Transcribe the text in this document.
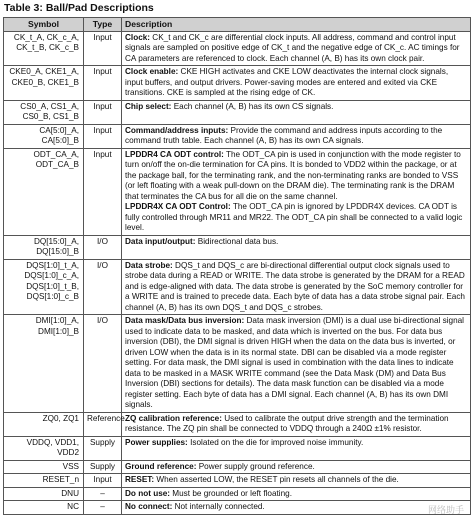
Table 3: Ball/Pad Descriptions
Symbol	Type	Description
CK_t_A, CK_c_A, CK_t_B, CK_c_B	Input	Clock: CK_t and CK_c are differential clock inputs. All address, command and control input signals are sampled on positive edge of CK_t and the negative edge of CK_c. AC timings for CA parameters are referenced to clock. Each channel (A, B) has its own clock pair.

CKE0_A, CKE1_A, CKE0_B, CKE1_B	Input	Clock enable: CKE HIGH activates and CKE LOW deactivates the internal clock signals, input buffers, and output drivers. Power-saving modes are entered and exited via CKE transitions. CKE is sampled at the rising edge of CK.

CS0_A, CS1_A, CS0_B, CS1_B	Input	Chip select: Each channel (A, B) has its own CS signals.

CA[5:0]_A, CA[5:0]_B	Input	Command/address inputs: Provide the command and address inputs according to the command truth table. Each channel (A, B) has its own CA signals.

ODT_CA_A, ODT_CA_B	Input	LPDDR4 CA ODT control: The ODT_CA pin is used in conjunction with the mode register to turn on/off the on-die termination for CA pins. It is bonded to VDD2 within the package, or at the package ball, for the terminating rank, and the non-terminating ranks are bonded to VSS (or left floating with a weak pull-down on the DRAM die). The terminating rank is the DRAM that terminates the CA bus for all die on the same channel.

LPDDR4X CA ODT Control: The ODT_CA pin is ignored by LPDDR4X devices. CA ODT is fully controlled through MR11 and MR22. The ODT_CA pin shall be connected to a valid logic level.

DQ[15:0]_A, DQ[15:0]_B	I/O	Data input/output: Bidirectional data bus.

DQS[1:0]_t_A, DQS[1:0]_c_A, DQS[1:0]_t_B, DQS[1:0]_c_B	I/O	Data strobe: DQS_t and DQS_c are bi-directional differential output clock signals used to strobe data during a READ or WRITE. The data strobe is generated by the DRAM for a READ and is edge-aligned with data. The data strobe is generated by the SoC memory controller for a WRITE and is trained to precede data. Each byte of data has a data strobe signal pair. Each channel (A, B) has its own DQS_t and DQS_c strobes.

DMI[1:0]_A, DMI[1:0]_B	I/O	Data mask/Data bus inversion: Data mask inversion (DMI) is a dual use bi-directional signal used to indicate data to be masked, and data which is inverted on the bus. For data bus inversion (DBI), the DMI signal is driven HIGH when the data on the data bus is inverted, or driven LOW when the data is in its normal state. DBI can be disabled via a mode register setting. For data mask, the DMI signal is used in combination with the data lines to indicate data to be masked in a MASK WRITE command (see the Data Mask (DM) and Data Bus Inversion (DBI) sections for details). The data mask function can be disabled via a mode register setting. Each byte of data has a DMI signal. Each channel (A, B) has its own DMI signals.

ZQ0, ZQ1	Reference	ZQ calibration reference: Used to calibrate the output drive strength and the termination resistance. The ZQ pin shall be connected to VDDQ through a 240Ω ±1% resistor.

VDDQ, VDD1, VDD2	Supply	Power supplies: Isolated on the die for improved noise immunity.

VSS	Supply	Ground reference: Power supply ground reference.

RESET_n	Input	RESET: When asserted LOW, the RESET pin resets all channels of the die.

DNU	–	Do not use: Must be grounded or left floating.

NC	–	No connect: Not internally connected.	网络助手
